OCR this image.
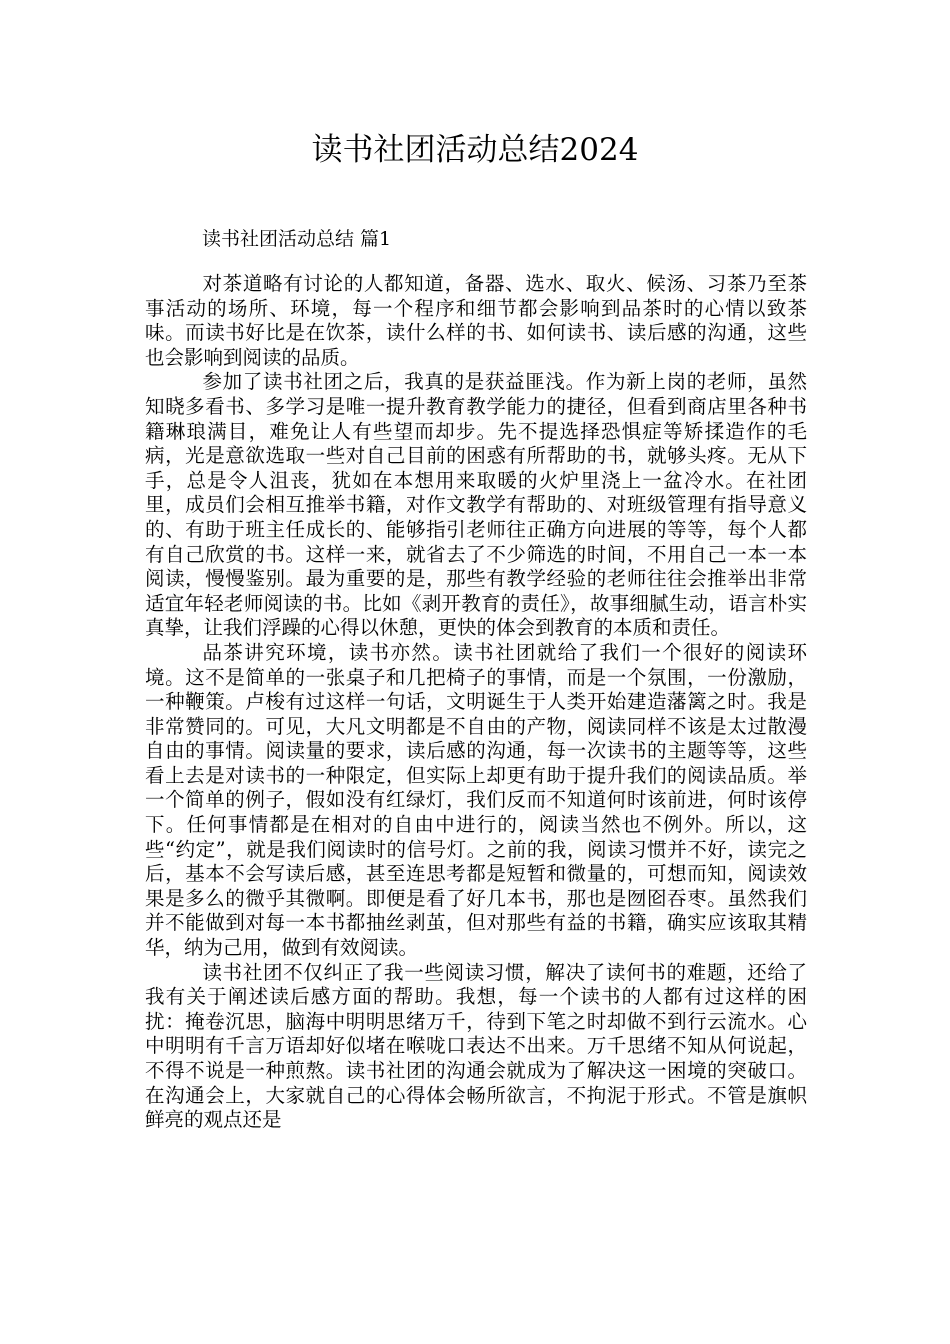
读书社团活动总结2024
读书社团活动总结 篇1

对茶道略有讨论的人都知道，备器、选水、取火、候汤、习茶乃至茶事活动的场所、环境，每一个程序和细节都会影响到品茶时的心情以致茶味。而读书好比是在饮茶，读什么样的书、如何读书、读后感的沟通，这些也会影响到阅读的品质。

参加了读书社团之后，我真的是获益匪浅。作为新上岗的老师，虽然知晓多看书、多学习是唯一提升教育教学能力的捷径，但看到商店里各种书籍琳琅满目，难免让人有些望而却步。先不提选择恐惧症等矫揉造作的毛病，光是意欲选取一些对自己目前的困惑有所帮助的书，就够头疼。无从下手，总是令人沮丧，犹如在本想用来取暖的火炉里浇上一盆冷水。在社团里，成员们会相互推举书籍，对作文教学有帮助的、对班级管理有指导意义的、有助于班主任成长的、能够指引老师往正确方向进展的等等，每个人都有自己欣赏的书。这样一来，就省去了不少筛选的时间，不用自己一本一本阅读，慢慢鉴别。最为重要的是，那些有教学经验的老师往往会推举出非常适宜年轻老师阅读的书。比如《剥开教育的责任》，故事细腻生动，语言朴实真挚，让我们浮躁的心得以休憩，更快的体会到教育的本质和责任。

品茶讲究环境，读书亦然。读书社团就给了我们一个很好的阅读环境。这不是简单的一张桌子和几把椅子的事情，而是一个氛围，一份激励，一种鞭策。卢梭有过这样一句话，文明诞生于人类开始建造藩篱之时。我是非常赞同的。可见，大凡文明都是不自由的产物，阅读同样不该是太过散漫自由的事情。阅读量的要求，读后感的沟通，每一次读书的主题等等，这些看上去是对读书的一种限定，但实际上却更有助于提升我们的阅读品质。举一个简单的例子，假如没有红绿灯，我们反而不知道何时该前进，何时该停下。任何事情都是在相对的自由中进行的，阅读当然也不例外。所以，这些“约定”，就是我们阅读时的信号灯。之前的我，阅读习惯并不好，读完之后，基本不会写读后感，甚至连思考都是短暂和微量的，可想而知，阅读效果是多么的微乎其微啊。即便是看了好几本书，那也是囫囵吞枣。虽然我们并不能做到对每一本书都抽丝剥茧，但对那些有益的书籍，确实应该取其精华，纳为己用，做到有效阅读。

读书社团不仅纠正了我一些阅读习惯，解决了读何书的难题，还给了我有关于阐述读后感方面的帮助。我想，每一个读书的人都有过这样的困扰：掩卷沉思，脑海中明明思绪万千，待到下笔之时却做不到行云流水。心中明明有千言万语却好似堵在喉咙口表达不出来。万千思绪不知从何说起，不得不说是一种煎熬。读书社团的沟通会就成为了解决这一困境的突破口。在沟通会上，大家就自己的心得体会畅所欲言，不拘泥于形式。不管是旗帜鲜亮的观点还是
